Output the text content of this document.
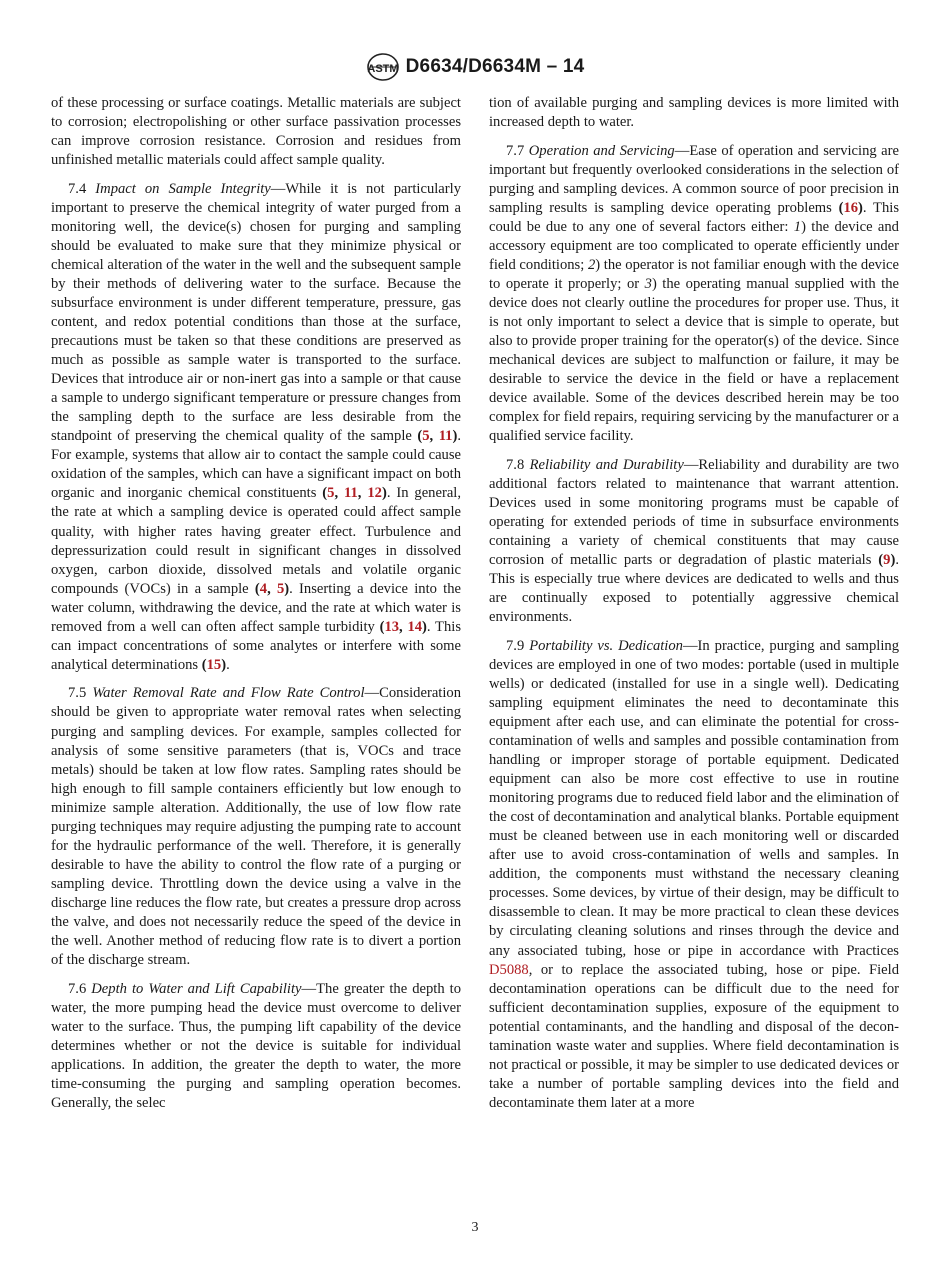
ASTM D6634/D6634M – 14

of these processing or surface coatings. Metallic materials are subject to corrosion; electropolishing or other surface passivation processes can improve corrosion resistance. Corrosion and residues from unfinished metallic materials could affect sample quality.

7.4 Impact on Sample Integrity—While it is not particularly important to preserve the chemical integrity of water purged from a monitoring well, the device(s) chosen for purging and sampling should be evaluated to make sure that they minimize physical or chemical alteration of the water in the well and the subsequent sample by their methods of delivering water to the surface. Because the subsurface environment is under different temperature, pressure, gas content, and redox potential conditions than those at the surface, precautions must be taken so that these conditions are preserved as much as possible as sample water is transported to the surface. Devices that introduce air or non-inert gas into a sample or that cause a sample to undergo significant temperature or pressure changes from the sampling depth to the surface are less desirable from the standpoint of preserving the chemical quality of the sample (5, 11). For example, systems that allow air to contact the sample could cause oxidation of the samples, which can have a significant impact on both organic and inorganic chemical constituents (5, 11, 12). In general, the rate at which a sampling device is operated could affect sample quality, with higher rates having greater effect. Turbulence and depressurization could result in significant changes in dissolved oxygen, carbon dioxide, dissolved metals and volatile organic compounds (VOCs) in a sample (4, 5). Inserting a device into the water column, withdrawing the device, and the rate at which water is removed from a well can often affect sample turbidity (13, 14). This can impact concentrations of some analytes or interfere with some analytical determinations (15).

7.5 Water Removal Rate and Flow Rate Control—Consideration should be given to appropriate water removal rates when selecting purging and sampling devices. For example, samples collected for analysis of some sensitive parameters (that is, VOCs and trace metals) should be taken at low flow rates. Sampling rates should be high enough to fill sample containers efficiently but low enough to minimize sample alteration. Additionally, the use of low flow rate purging techniques may require adjusting the pumping rate to account for the hydraulic performance of the well. Therefore, it is generally desirable to have the ability to control the flow rate of a purging or sampling device. Throttling down the device using a valve in the discharge line reduces the flow rate, but creates a pressure drop across the valve, and does not necessarily reduce the speed of the device in the well. Another method of reducing flow rate is to divert a portion of the discharge stream.

7.6 Depth to Water and Lift Capability—The greater the depth to water, the more pumping head the device must overcome to deliver water to the surface. Thus, the pumping lift capability of the device determines whether or not the device is suitable for individual applications. In addition, the greater the depth to water, the more time-consuming the purging and sampling operation becomes. Generally, the selec

tion of available purging and sampling devices is more limited with increased depth to water.

7.7 Operation and Servicing—Ease of operation and servicing are important but frequently overlooked considerations in the selection of purging and sampling devices. A common source of poor precision in sampling results is sampling device operating problems (16). This could be due to any one of several factors either: 1) the device and accessory equipment are too complicated to operate efficiently under field conditions; 2) the operator is not familiar enough with the device to operate it properly; or 3) the operating manual supplied with the device does not clearly outline the procedures for proper use. Thus, it is not only important to select a device that is simple to operate, but also to provide proper training for the operator(s) of the device. Since mechanical devices are subject to malfunction or failure, it may be desirable to service the device in the field or have a replacement device available. Some of the devices described herein may be too complex for field repairs, requiring servicing by the manufacturer or a qualified service facility.

7.8 Reliability and Durability—Reliability and durability are two additional factors related to maintenance that warrant attention. Devices used in some monitoring programs must be capable of operating for extended periods of time in subsurface environments containing a variety of chemical constituents that may cause corrosion of metallic parts or degradation of plastic materials (9). This is especially true where devices are dedicated to wells and thus are continually exposed to potentially aggressive chemical environments.

7.9 Portability vs. Dedication—In practice, purging and sampling devices are employed in one of two modes: portable (used in multiple wells) or dedicated (installed for use in a single well). Dedicating sampling equipment eliminates the need to decontaminate this equipment after each use, and can eliminate the potential for cross-contamination of wells and samples and possible contamination from handling or improper storage of portable equipment. Dedicated equipment can also be more cost effective to use in routine monitoring programs due to reduced field labor and the elimination of the cost of decontamination and analytical blanks. Portable equipment must be cleaned between use in each monitoring well or discarded after use to avoid cross-contamination of wells and samples. In addition, the components must withstand the necessary cleaning processes. Some devices, by virtue of their design, may be difficult to disassemble to clean. It may be more practical to clean these devices by circulating cleaning solutions and rinses through the device and any associated tubing, hose or pipe in accordance with Practices D5088, or to replace the associated tubing, hose or pipe. Field decontamination operations can be difficult due to the need for sufficient decontamination supplies, exposure of the equipment to potential contaminants, and the handling and disposal of the decontamination waste water and supplies. Where field decontamination is not practical or possible, it may be simpler to use dedicated devices or take a number of portable sampling devices into the field and decontaminate them later at a more

3
